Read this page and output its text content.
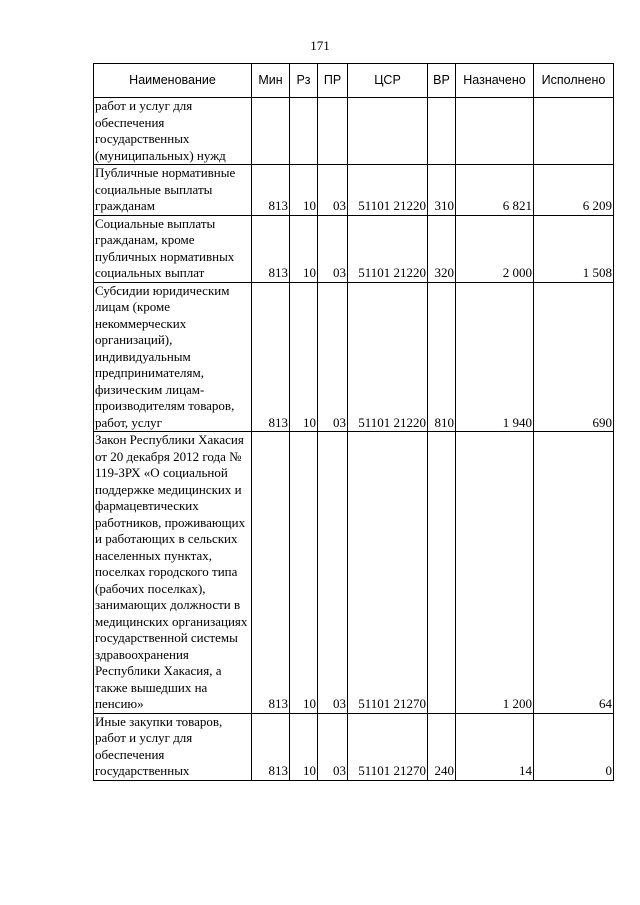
171
Наименование	Мин	Рз	ПР	ЦСР	ВР	Назначено	Исполнено
работ и услуг для обеспечения государственных (муниципальных) нужд							
Публичные нормативные социальные выплаты гражданам	813	10	03	51101 21220	310	6 821	6 209
Социальные выплаты гражданам, кроме публичных нормативных социальных выплат	813	10	03	51101 21220	320	2 000	1 508
Субсидии юридическим лицам (кроме некоммерческих организаций), индивидуальным предпринимателям, физическим лицам-производителям товаров, работ, услуг	813	10	03	51101 21220	810	1 940	690
Закон Республики Хакасия от 20 декабря 2012 года № 119-ЗРХ «О социальной поддержке медицинских и фармацевтических работников, проживающих и работающих в сельских населенных пунктах, поселках городского типа (рабочих поселках), занимающих должности в медицинских организациях государственной системы здравоохранения Республики Хакасия, а также вышедших на пенсию»	813	10	03	51101 21270		1 200	64
Иные закупки товаров, работ и услуг для обеспечения государственных	813	10	03	51101 21270	240	14	0
